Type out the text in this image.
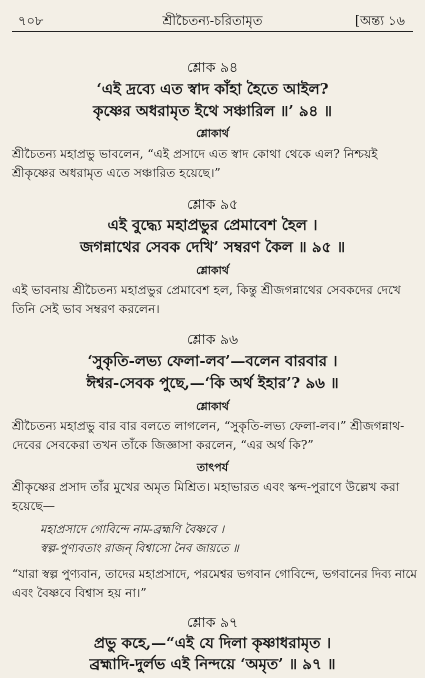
৭০৮	শ্রীচৈতন্য-চরিতামৃত	[অন্ত্য ১৬
শ্লোক ৯৪
‘এই দ্রব্যে এত স্বাদ কাঁহা হৈতে আইল?
কৃষ্ণের অধরামৃত ইথে সঞ্চারিল ॥’ ৯৪ ॥
শ্লোকার্থ
শ্রীচৈতন্য মহাপ্রভু ভাবলেন, “এই প্রসাদে এত স্বাদ কোথা থেকে এল? নিশ্চয়ই
শ্রীকৃষ্ণের অধরামৃত এতে সঞ্চারিত হয়েছে।”
শ্লোক ৯৫
এই বুদ্ধ্যে মহাপ্রভুর প্রেমাবেশ হৈল ।
জগন্নাথের সেবক দেখি’ সম্বরণ কৈল ॥ ৯৫ ॥
শ্লোকার্থ
এই ভাবনায় শ্রীচৈতন্য মহাপ্রভুর প্রেমাবেশ হল, কিন্তু শ্রীজগন্নাথের সেবকদের দেখে
তিনি সেই ভাব সম্বরণ করলেন।
শ্লোক ৯৬
‘সুকৃতি-লভ্য ফেলা-লব’—বলেন বারবার ।
ঈশ্বর-সেবক পুছে,—‘কি অর্থ ইহার’? ৯৬ ॥
শ্লোকার্থ
শ্রীচৈতন্য মহাপ্রভু বার বার বলতে লাগলেন, “সুকৃতি-লভ্য ফেলা-লব।” শ্রীজগন্নাথ-
দেবের সেবকেরা তখন তাঁকে জিজ্ঞাসা করলেন, “এর অর্থ কি?”
তাৎপর্য
শ্রীকৃষ্ণের প্রসাদ তাঁর মুখের অমৃত মিশ্রিত। মহাভারত এবং স্কন্দ-পুরাণে উল্লেখ করা
হয়েছে—
মহাপ্রসাদে গোবিন্দে নাম-ব্রহ্মণি বৈষ্ণবে ।
স্বল্প-পুণ্যবতাং রাজন্‌ বিশ্বাসো নৈব জায়তে ॥
“যারা স্বল্প পুণ্যবান, তাদের মহাপ্রসাদে, পরমেশ্বর ভগবান গোবিন্দে, ভগবানের দিব্য নামে
এবং বৈষ্ণবে বিশ্বাস হয় না।”
শ্লোক ৯৭
প্রভু কহে,—“এই যে দিলা কৃষ্ণাধরামৃত ।
ব্রহ্মাদি-দুর্লভ এই নিন্দয়ে ‘অমৃত’ ॥ ৯৭ ॥
